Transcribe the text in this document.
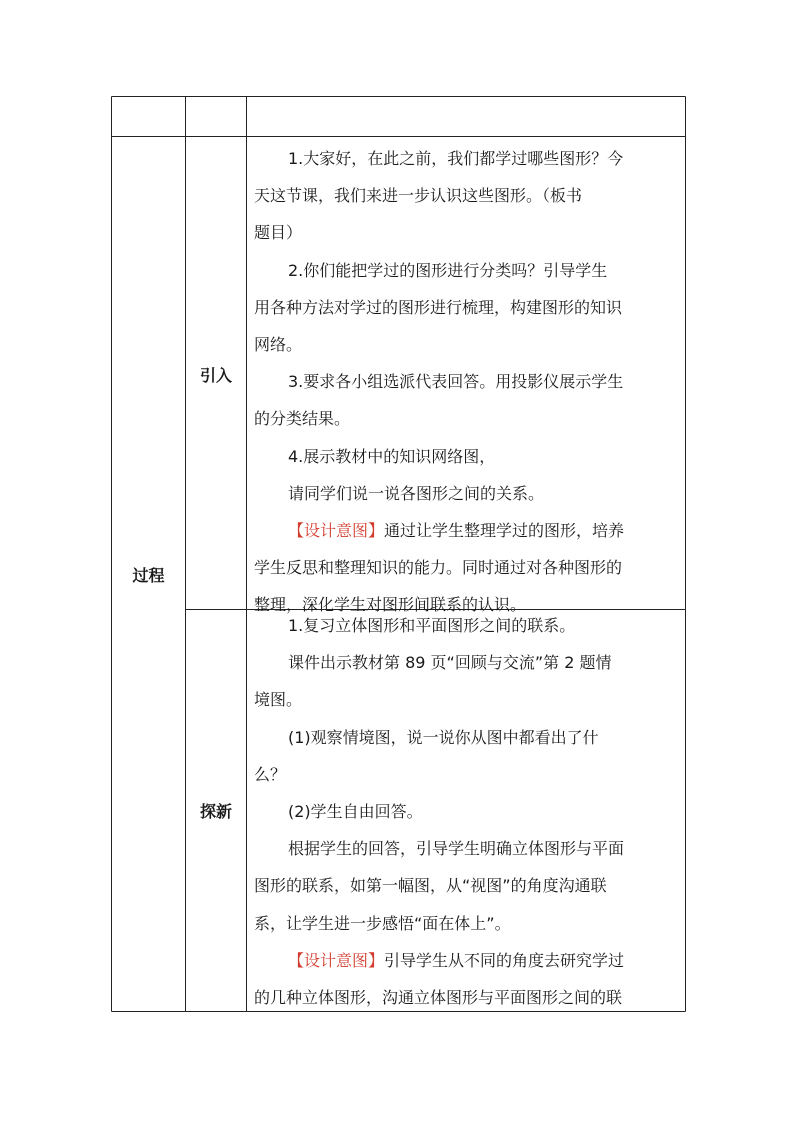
过程
引入
探新
1.大家好，在此之前，我们都学过哪些图形？今
天这节课，我们来进一步认识这些图形。（板书
题目）
2.你们能把学过的图形进行分类吗？引导学生
用各种方法对学过的图形进行梳理，构建图形的知识
网络。
3.要求各小组选派代表回答。用投影仪展示学生
的分类结果。
4.展示教材中的知识网络图，
请同学们说一说各图形之间的关系。
【设计意图】通过让学生整理学过的图形，培养
学生反思和整理知识的能力。同时通过对各种图形的
整理，深化学生对图形间联系的认识。
1.复习立体图形和平面图形之间的联系。
课件出示教材第 89 页“回顾与交流”第 2 题情
境图。
(1)观察情境图，说一说你从图中都看出了什
么？
(2)学生自由回答。
根据学生的回答，引导学生明确立体图形与平面
图形的联系，如第一幅图，从“视图”的角度沟通联
系，让学生进一步感悟“面在体上”。
【设计意图】引导学生从不同的角度去研究学过
的几种立体图形，沟通立体图形与平面图形之间的联
